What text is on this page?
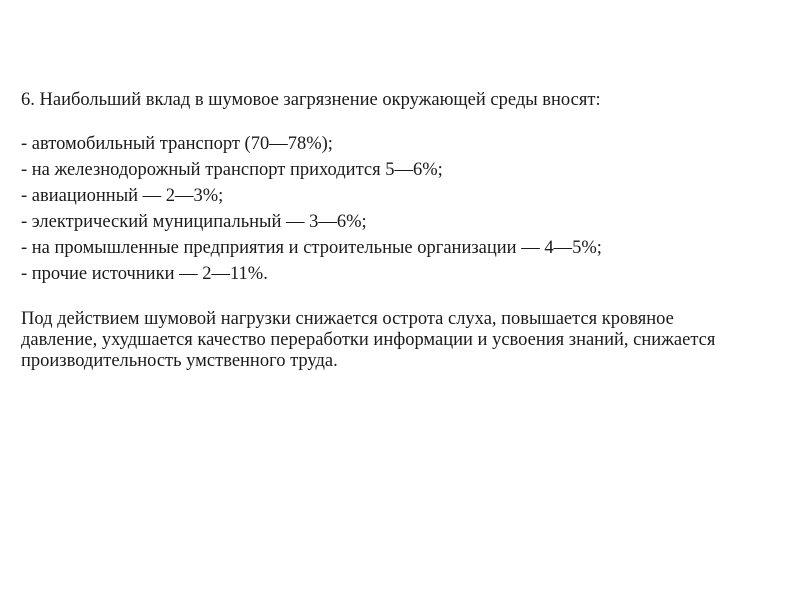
6. Наибольший вклад в шумовое загрязнение окружающей среды вносят:

- автомобильный транспорт (70—78%);
- на железнодорожный транспорт приходится 5—6%;
- авиационный — 2—3%;
- электрический муниципальный — 3—6%;
- на промышленные предприятия и строительные организации — 4—5%;
- прочие источники — 2—11%.

Под действием шумовой нагрузки снижается острота слуха, повышается кровяное давление, ухудшается качество переработки информации и усвоения знаний, снижается производительность умственного труда.
